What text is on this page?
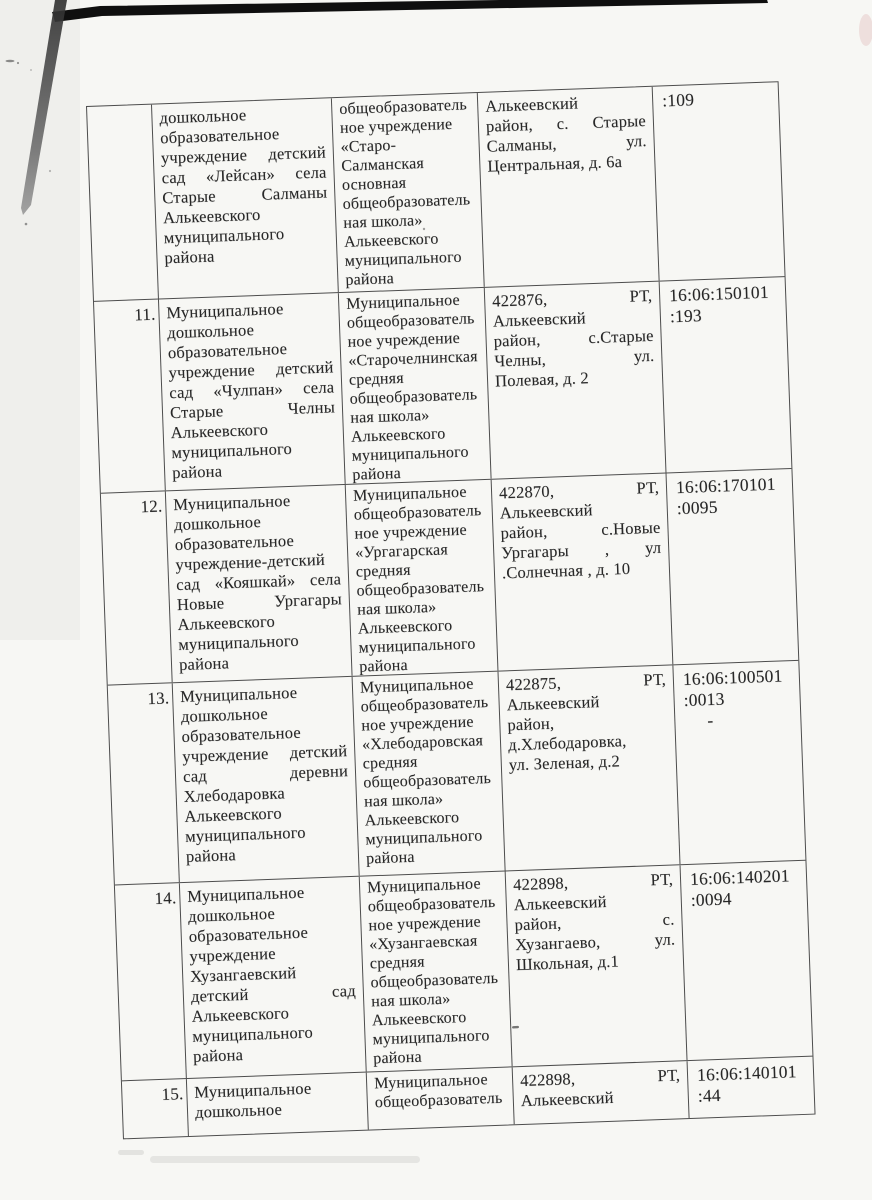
дошкольное
образовательное
учреждение детский
сад «Лейсан» села
Старые Салманы
Алькеевского
муниципального
района
общеобразователь
ное учреждение
«Старо-
Салманская
основная
общеобразователь
ная школа»
Алькеевского
муниципального
района
Алькеевский
район, с. Старые
Салманы, ул.
Центральная, д. 6а
:109
11. Муниципальное
дошкольное
образовательное
учреждение детский
сад «Чулпан» села
Старые Челны
Алькеевского
муниципального
района
Муниципальное
общеобразователь
ное учреждение
«Старочелнинская
средняя
общеобразователь
ная школа»
Алькеевского
муниципального
района
422876, РТ,
Алькеевский
район, с.Старые
Челны, ул.
Полевая, д. 2
16:06:150101
:193
12. Муниципальное
дошкольное
образовательное
учреждение-детский
сад «Кояшкай» села
Новые Ургагары
Алькеевского
муниципального
района
Муниципальное
общеобразователь
ное учреждение
«Ургагарская
средняя
общеобразователь
ная школа»
Алькеевского
муниципального
района
422870, РТ,
Алькеевский
район, с.Новые
Ургагары , ул
.Солнечная , д. 10
16:06:170101
:0095
13. Муниципальное
дошкольное
образовательное
учреждение детский
сад деревни
Хлебодаровка
Алькеевского
муниципального
района
Муниципальное
общеобразователь
ное учреждение
«Хлебодаровская
средняя
общеобразователь
ная школа»
Алькеевского
муниципального
района
422875, РТ,
Алькеевский
район,
д.Хлебодаровка,
ул. Зеленая, д.2
16:06:100501
:0013
-
14. Муниципальное
дошкольное
образовательное
учреждение
Хузангаевский
детский сад
Алькеевского
муниципального
района
Муниципальное
общеобразователь
ное учреждение
«Хузангаевская
средняя
общеобразователь
ная школа»
Алькеевского
муниципального
района
422898, РТ,
Алькеевский
район, с.
Хузангаево, ул.
Школьная, д.1
16:06:140201
:0094
15. Муниципальное
дошкольное
Муниципальное
общеобразователь
422898, РТ,
Алькеевский
16:06:140101
:44
